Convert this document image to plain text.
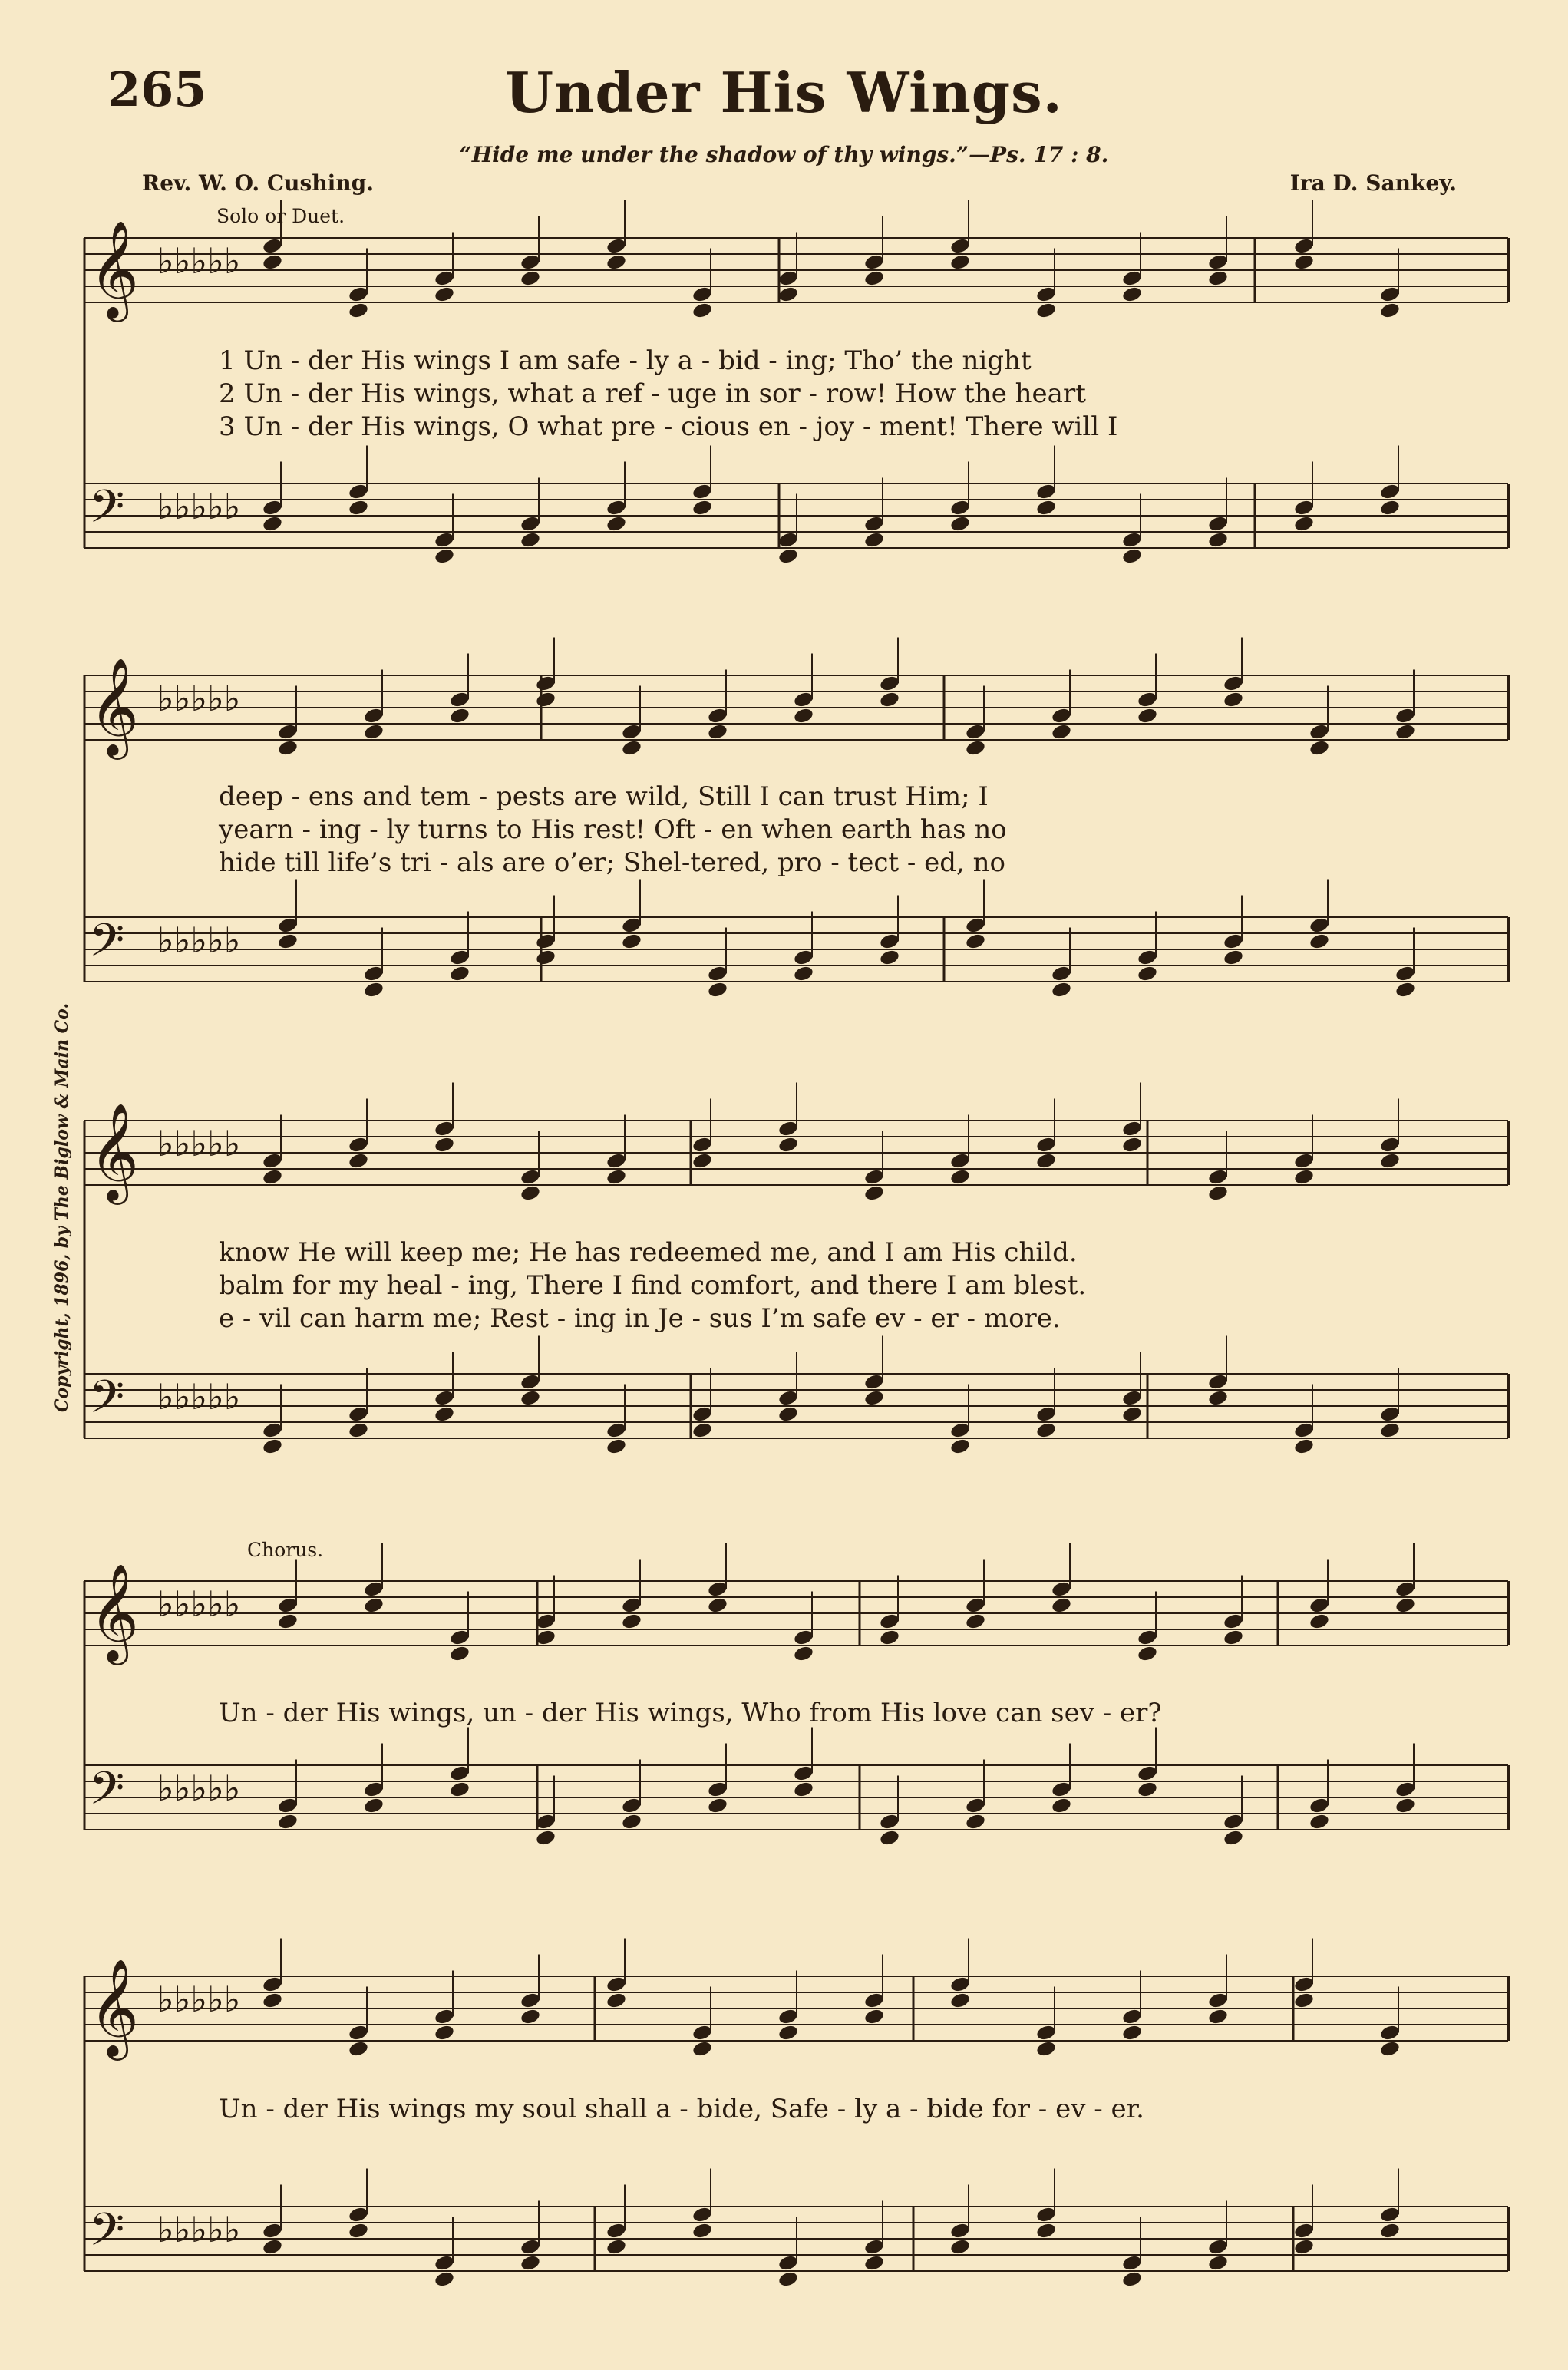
265	Under His Wings.
“Hide me under the shadow of thy wings.”—Ps. 17 : 8.
Rev. W. O. Cushing.	Ira D. Sankey.
Solo or Duet.
Copyright, 1896, by The Biglow & Main Co.
Chorus.
𝄞 ♭♭♭♭♭
𝄢 ♭♭♭♭♭
𝄞 ♭♭♭♭♭
𝄢 ♭♭♭♭♭
𝄞 ♭♭♭♭♭
𝄢 ♭♭♭♭♭
𝄞 ♭♭♭♭♭
𝄢 ♭♭♭♭♭
𝄞 ♭♭♭♭♭
𝄢 ♭♭♭♭♭
1 Un - der His wings I am safe - ly a - bid - ing; Tho’ the night
2 Un - der His wings, what a ref - uge in sor - row! How the heart
3 Un - der His wings, O what pre - cious en - joy - ment! There will I
deep - ens and tem - pests are wild, Still I can trust Him; I
yearn - ing - ly turns to His rest! Oft - en when earth has no
hide till life’s tri - als are o’er; Shel-tered, pro - tect - ed, no
know He will keep me; He has redeemed me, and I am His child.
balm for my heal - ing, There I find comfort, and there I am blest.
e - vil can harm me; Rest - ing in Je - sus I’m safe ev - er - more.
Un - der His wings, un - der His wings, Who from His love can sev - er?
Un - der His wings my soul shall a - bide, Safe - ly a - bide for - ev - er.
